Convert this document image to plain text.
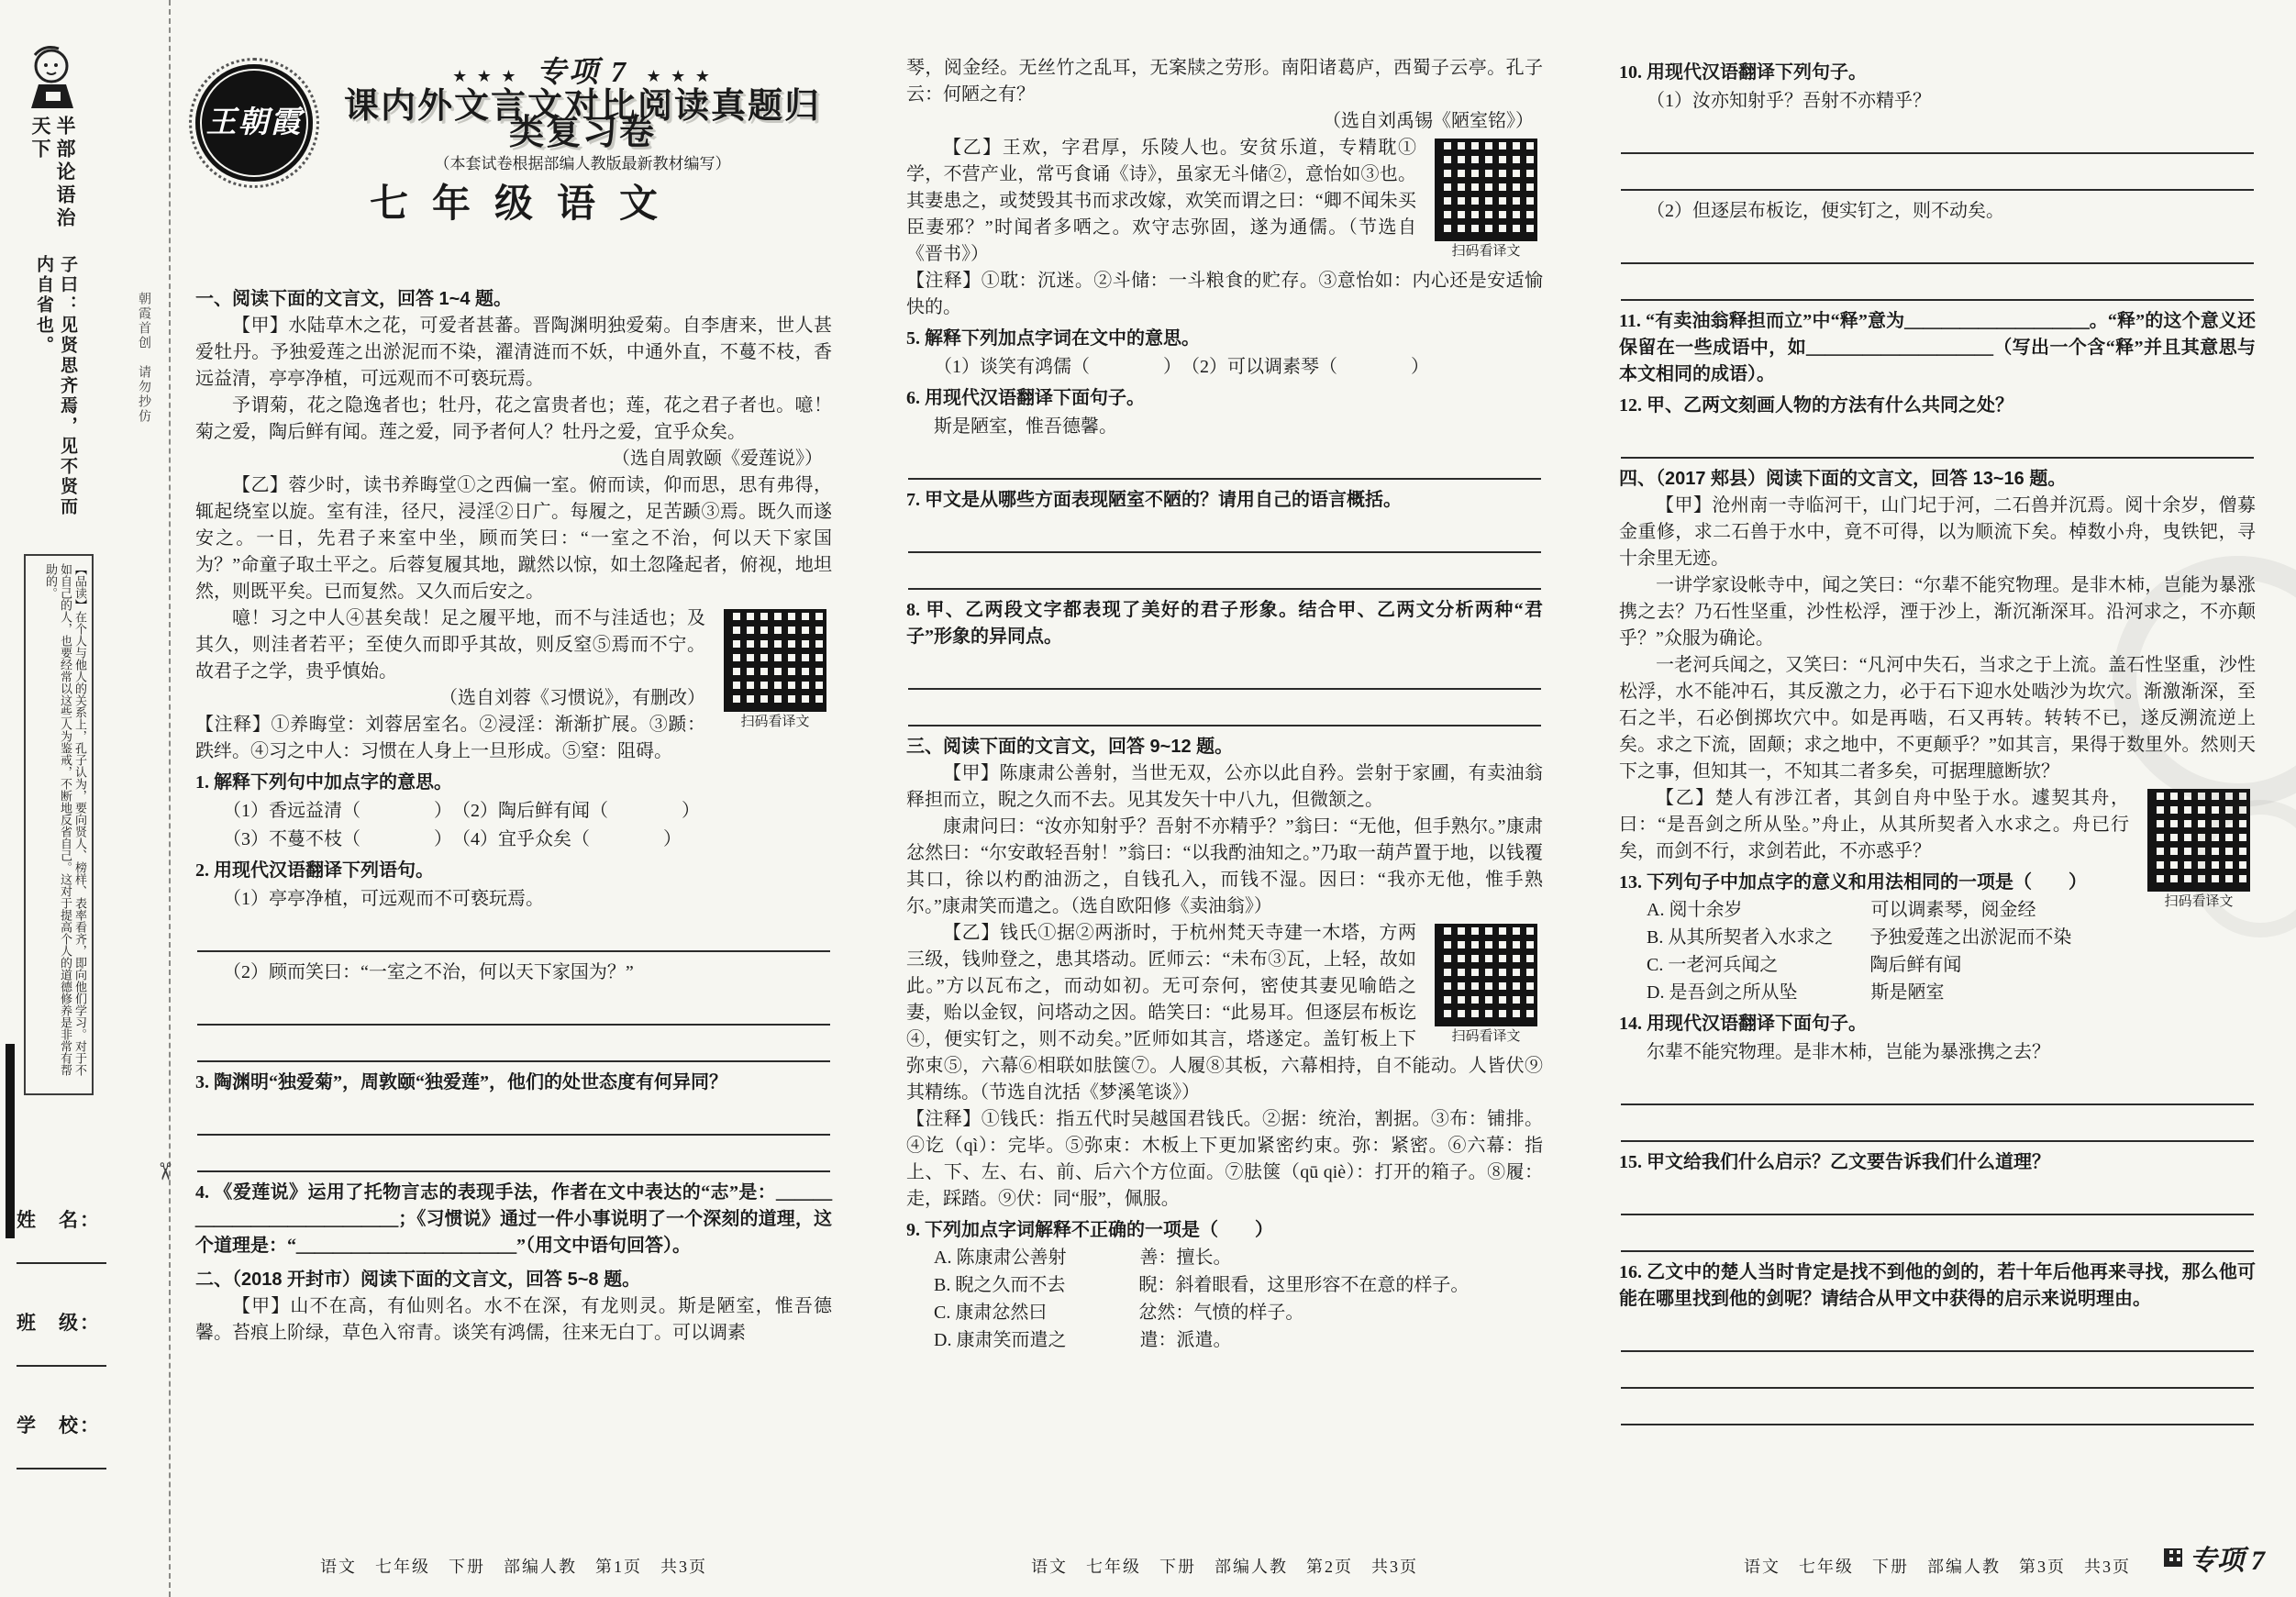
半部论语治天下
子曰：见贤思齐焉，见不贤而内自省也。
【品读】在个人与他人的关系上，孔子认为，要向贤人、榜样、表率看齐，即向他们学习。对于不如自己的人，也要经常以这些人为鉴戒，不断地反省自己。这对于提高个人的道德修养是非常有帮助的。
姓　名：
班　级：
学　校：
朝霞首创　请勿抄仿
✂
王朝霞
★ ★ ★ 专项 7 ★ ★ ★
课内外文言文对比阅读真题归类复习卷
（本套试卷根据部编人教版最新教材编写）
七年级语文

一、阅读下面的文言文，回答 1~4 题。

【甲】水陆草木之花，可爱者甚蕃。晋陶渊明独爱菊。自李唐来，世人甚爱牡丹。予独爱莲之出淤泥而不染，濯清涟而不妖，中通外直，不蔓不枝，香远益清，亭亭净植，可远观而不可亵玩焉。

予谓菊，花之隐逸者也；牡丹，花之富贵者也；莲，花之君子者也。噫！菊之爱，陶后鲜有闻。莲之爱，同予者何人？牡丹之爱，宜乎众矣。

（选自周敦颐《爱莲说》）

【乙】蓉少时，读书养晦堂①之西偏一室。俯而读，仰而思，思有弗得，辄起绕室以旋。室有洼，径尺，浸淫②日广。每履之，足苦踬③焉。既久而遂安之。一日，先君子来室中坐，顾而笑曰：“一室之不治，何以天下家国为？”命童子取土平之。后蓉复履其地，蹴然以惊，如土忽隆起者，俯视，地坦然，则既平矣。已而复然。又久而后安之。

扫码看译文

噫！习之中人④甚矣哉！足之履平地，而不与洼适也；及其久，则洼者若平；至使久而即乎其故，则反窒⑤焉而不宁。故君子之学，贵乎慎始。

（选自刘蓉《习惯说》，有删改）

【注释】①养晦堂：刘蓉居室名。②浸淫：渐渐扩展。③踬：跌绊。④习之中人：习惯在人身上一旦形成。⑤窒：阻碍。

1. 解释下列句中加点字的意思。

（1）香远益清（　　　　）　（2）陶后鲜有闻（　　　　）

（3）不蔓不枝（　　　　）　（4）宜乎众矣（　　　　）

2. 用现代汉语翻译下列语句。

（1）亭亭净植，可远观而不可亵玩焉。

（2）顾而笑曰：“一室之不治，何以天下家国为？”

3. 陶渊明“独爱菊”，周敦颐“独爱莲”，他们的处世态度有何异同？

4. 《爱莲说》运用了托物言志的表现手法，作者在文中表达的“志”是：＿＿＿＿＿＿＿＿＿＿＿＿＿＿；《习惯说》通过一件小事说明了一个深刻的道理，这个道理是：“＿＿＿＿＿＿＿＿＿＿＿＿”（用文中语句回答）。

二、（2018 开封市）阅读下面的文言文，回答 5~8 题。

【甲】山不在高，有仙则名。水不在深，有龙则灵。斯是陋室，惟吾德馨。苔痕上阶绿，草色入帘青。谈笑有鸿儒，往来无白丁。可以调素

琴，阅金经。无丝竹之乱耳，无案牍之劳形。南阳诸葛庐，西蜀子云亭。孔子云：何陋之有？

（选自刘禹锡《陋室铭》）

扫码看译文

【乙】王欢，字君厚，乐陵人也。安贫乐道，专精耽①学，不营产业，常丐食诵《诗》，虽家无斗储②，意怡如③也。其妻患之，或焚毁其书而求改嫁，欢笑而谓之曰：“卿不闻朱买臣妻邪？”时闻者多哂之。欢守志弥固，遂为通儒。（节选自《晋书》）

【注释】①耽：沉迷。②斗储：一斗粮食的贮存。③意怡如：内心还是安适愉快的。

5. 解释下列加点字词在文中的意思。

（1）谈笑有鸿儒（　　　　）　（2）可以调素琴（　　　　）

6. 用现代汉语翻译下面句子。

斯是陋室，惟吾德馨。

7. 甲文是从哪些方面表现陋室不陋的？请用自己的语言概括。

8. 甲、乙两段文字都表现了美好的君子形象。结合甲、乙两文分析两种“君子”形象的异同点。

三、阅读下面的文言文，回答 9~12 题。

【甲】陈康肃公善射，当世无双，公亦以此自矜。尝射于家圃，有卖油翁释担而立，睨之久而不去。见其发矢十中八九，但微颔之。

康肃问曰：“汝亦知射乎？吾射不亦精乎？”翁曰：“无他，但手熟尔。”康肃忿然曰：“尔安敢轻吾射！”翁曰：“以我酌油知之。”乃取一葫芦置于地，以钱覆其口，徐以杓酌油沥之，自钱孔入，而钱不湿。因曰：“我亦无他，惟手熟尔。”康肃笑而遣之。（选自欧阳修《卖油翁》）

扫码看译文

【乙】钱氏①据②两浙时，于杭州梵天寺建一木塔，方两三级，钱帅登之，患其塔动。匠师云：“未布③瓦，上轻，故如此。”方以瓦布之，而动如初。无可奈何，密使其妻见喻皓之妻，贻以金钗，问塔动之因。皓笑曰：“此易耳。但逐层布板讫④，便实钉之，则不动矣。”匠师如其言，塔遂定。盖钉板上下弥束⑤，六幕⑥相联如胠箧⑦。人履⑧其板，六幕相持，自不能动。人皆伏⑨其精练。（节选自沈括《梦溪笔谈》）

【注释】①钱氏：指五代时吴越国君钱氏。②据：统治，割据。③布：铺排。④讫（qì）：完毕。⑤弥束：木板上下更加紧密约束。弥：紧密。⑥六幕：指上、下、左、右、前、后六个方位面。⑦胠箧（qū qiè）：打开的箱子。⑧履：走，踩踏。⑨伏：同“服”，佩服。

9. 下列加点字词解释不正确的一项是（　　）

A. 陈康肃公善射　　　　善：擅长。

B. 睨之久而不去　　　　睨：斜着眼看，这里形容不在意的样子。

C. 康肃忿然曰　　　　　忿然：气愤的样子。

D. 康肃笑而遣之　　　　遣：派遣。

10. 用现代汉语翻译下列句子。

（1）汝亦知射乎？吾射不亦精乎？

（2）但逐层布板讫，便实钉之，则不动矣。

11. “有卖油翁释担而立”中“释”意为＿＿＿＿＿＿＿＿＿＿。“释”的这个意义还保留在一些成语中，如＿＿＿＿＿＿＿＿＿＿（写出一个含“释”并且其意思与本文相同的成语）。

12. 甲、乙两文刻画人物的方法有什么共同之处？

四、（2017 郏县）阅读下面的文言文，回答 13~16 题。

【甲】沧州南一寺临河干，山门圮于河，二石兽并沉焉。阅十余岁，僧募金重修，求二石兽于水中，竟不可得，以为顺流下矣。棹数小舟，曳铁钯，寻十余里无迹。

一讲学家设帐寺中，闻之笑曰：“尔辈不能究物理。是非木杮，岂能为暴涨携之去？乃石性坚重，沙性松浮，湮于沙上，渐沉渐深耳。沿河求之，不亦颠乎？”众服为确论。

一老河兵闻之，又笑曰：“凡河中失石，当求之于上流。盖石性坚重，沙性松浮，水不能冲石，其反激之力，必于石下迎水处啮沙为坎穴。渐激渐深，至石之半，石必倒掷坎穴中。如是再啮，石又再转。转转不已，遂反溯流逆上矣。求之下流，固颠；求之地中，不更颠乎？”如其言，果得于数里外。然则天下之事，但知其一，不知其二者多矣，可据理臆断欤？

扫码看译文

【乙】楚人有涉江者，其剑自舟中坠于水。遽契其舟，曰：“是吾剑之所从坠。”舟止，从其所契者入水求之。舟已行矣，而剑不行，求剑若此，不亦惑乎？

13. 下列句子中加点字的意义和用法相同的一项是（　　）

A. 阅十余岁　　　　　　　可以调素琴，阅金经

B. 从其所契者入水求之　　予独爱莲之出淤泥而不染

C. 一老河兵闻之　　　　　陶后鲜有闻

D. 是吾剑之所从坠　　　　斯是陋室

14. 用现代汉语翻译下面句子。

尔辈不能究物理。是非木杮，岂能为暴涨携之去？

15. 甲文给我们什么启示？乙文要告诉我们什么道理？

16. 乙文中的楚人当时肯定是找不到他的剑的，若十年后他再来寻找，那么他可能在哪里找到他的剑呢？请结合从甲文中获得的启示来说明理由。

语文　七年级　下册　部编人教　第1页　共3页	语文　七年级　下册　部编人教　第2页　共3页	语文　七年级　下册　部编人教　第3页　共3页	专项 7
